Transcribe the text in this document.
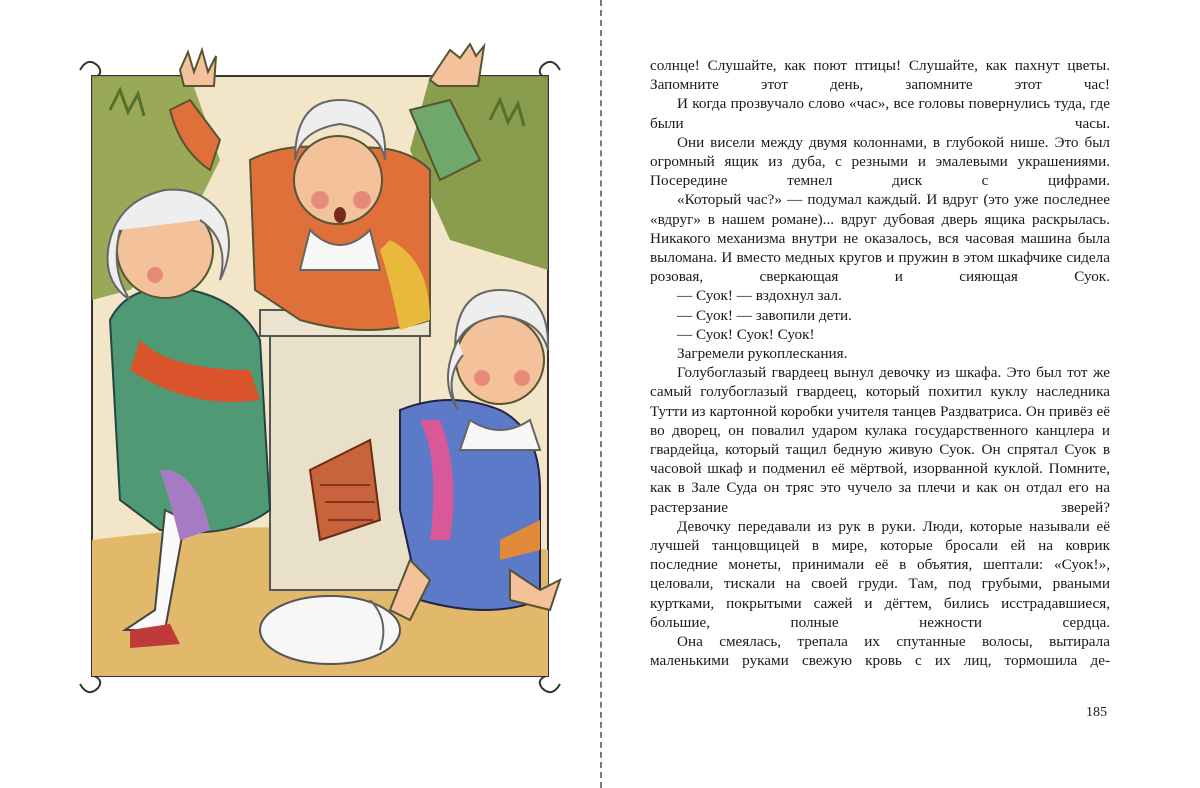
солнце! Слушайте, как поют птицы! Слушайте, как пахнут цветы. Запомните этот день, запомните этот час!

И когда прозвучало слово «час», все головы повернулись туда, где были часы.

Они висели между двумя колоннами, в глубокой нише. Это был огромный ящик из дуба, с резными и эмалевыми украшениями. Посередине темнел диск с цифрами.

«Который час?» — подумал каждый. И вдруг (это уже последнее «вдруг» в нашем романе)... вдруг дубовая дверь ящика раскрылась. Никакого механизма внутри не оказалось, вся часовая машина была выломана. И вместо медных кругов и пружин в этом шкафчике сидела розовая, сверкающая и сияющая Суок.

— Суок! — вздохнул зал.

— Суок! — завопили дети.

— Суок! Суок! Суок!

Загремели рукоплескания.

Голубоглазый гвардеец вынул девочку из шкафа. Это был тот же самый голубоглазый гвардеец, который похитил куклу наследника Тутти из картонной коробки учителя танцев Раздватриса. Он привёз её во дворец, он повалил ударом кулака государственного канцлера и гвардейца, который тащил бедную живую Суок. Он спрятал Суок в часовой шкаф и подменил её мёртвой, изорванной куклой. Помните, как в Зале Суда он тряс это чучело за плечи и как он отдал его на растерзание зверей?

Девочку передавали из рук в руки. Люди, которые называли её лучшей танцовщицей в мире, которые бросали ей на коврик последние монеты, принимали её в объятия, шептали: «Суок!», целовали, тискали на своей груди. Там, под грубыми, рваными куртками, покрытыми сажей и дёгтем, бились исстрадавшиеся, большие, полные нежности сердца.

Она смеялась, трепала их спутанные волосы, вытирала маленькими руками свежую кровь с их лиц, тормошила де-

185
